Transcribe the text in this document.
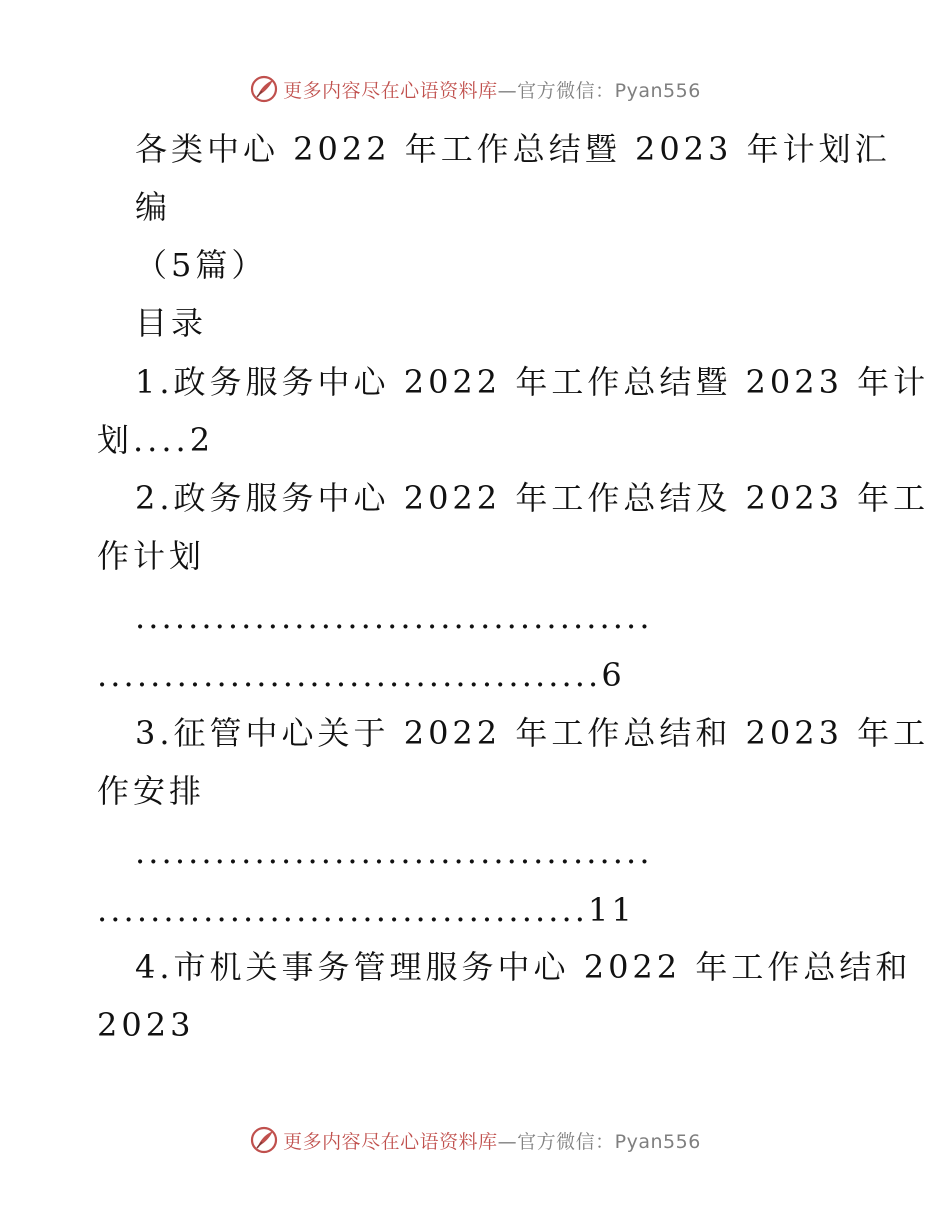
更多内容尽在心语资料库—官方微信：Pyan556
各类中心 2022 年工作总结暨 2023 年计划汇
编
（5篇）
目录
1.政务服务中心 2022 年工作总结暨 2023 年计
划....2
2.政务服务中心 2022 年工作总结及 2023 年工
作计划
.......................................
......................................6
3.征管中心关于 2022 年工作总结和 2023 年工
作安排
.......................................
.....................................11
4.市机关事务管理服务中心 2022 年工作总结和
2023
更多内容尽在心语资料库—官方微信：Pyan556
